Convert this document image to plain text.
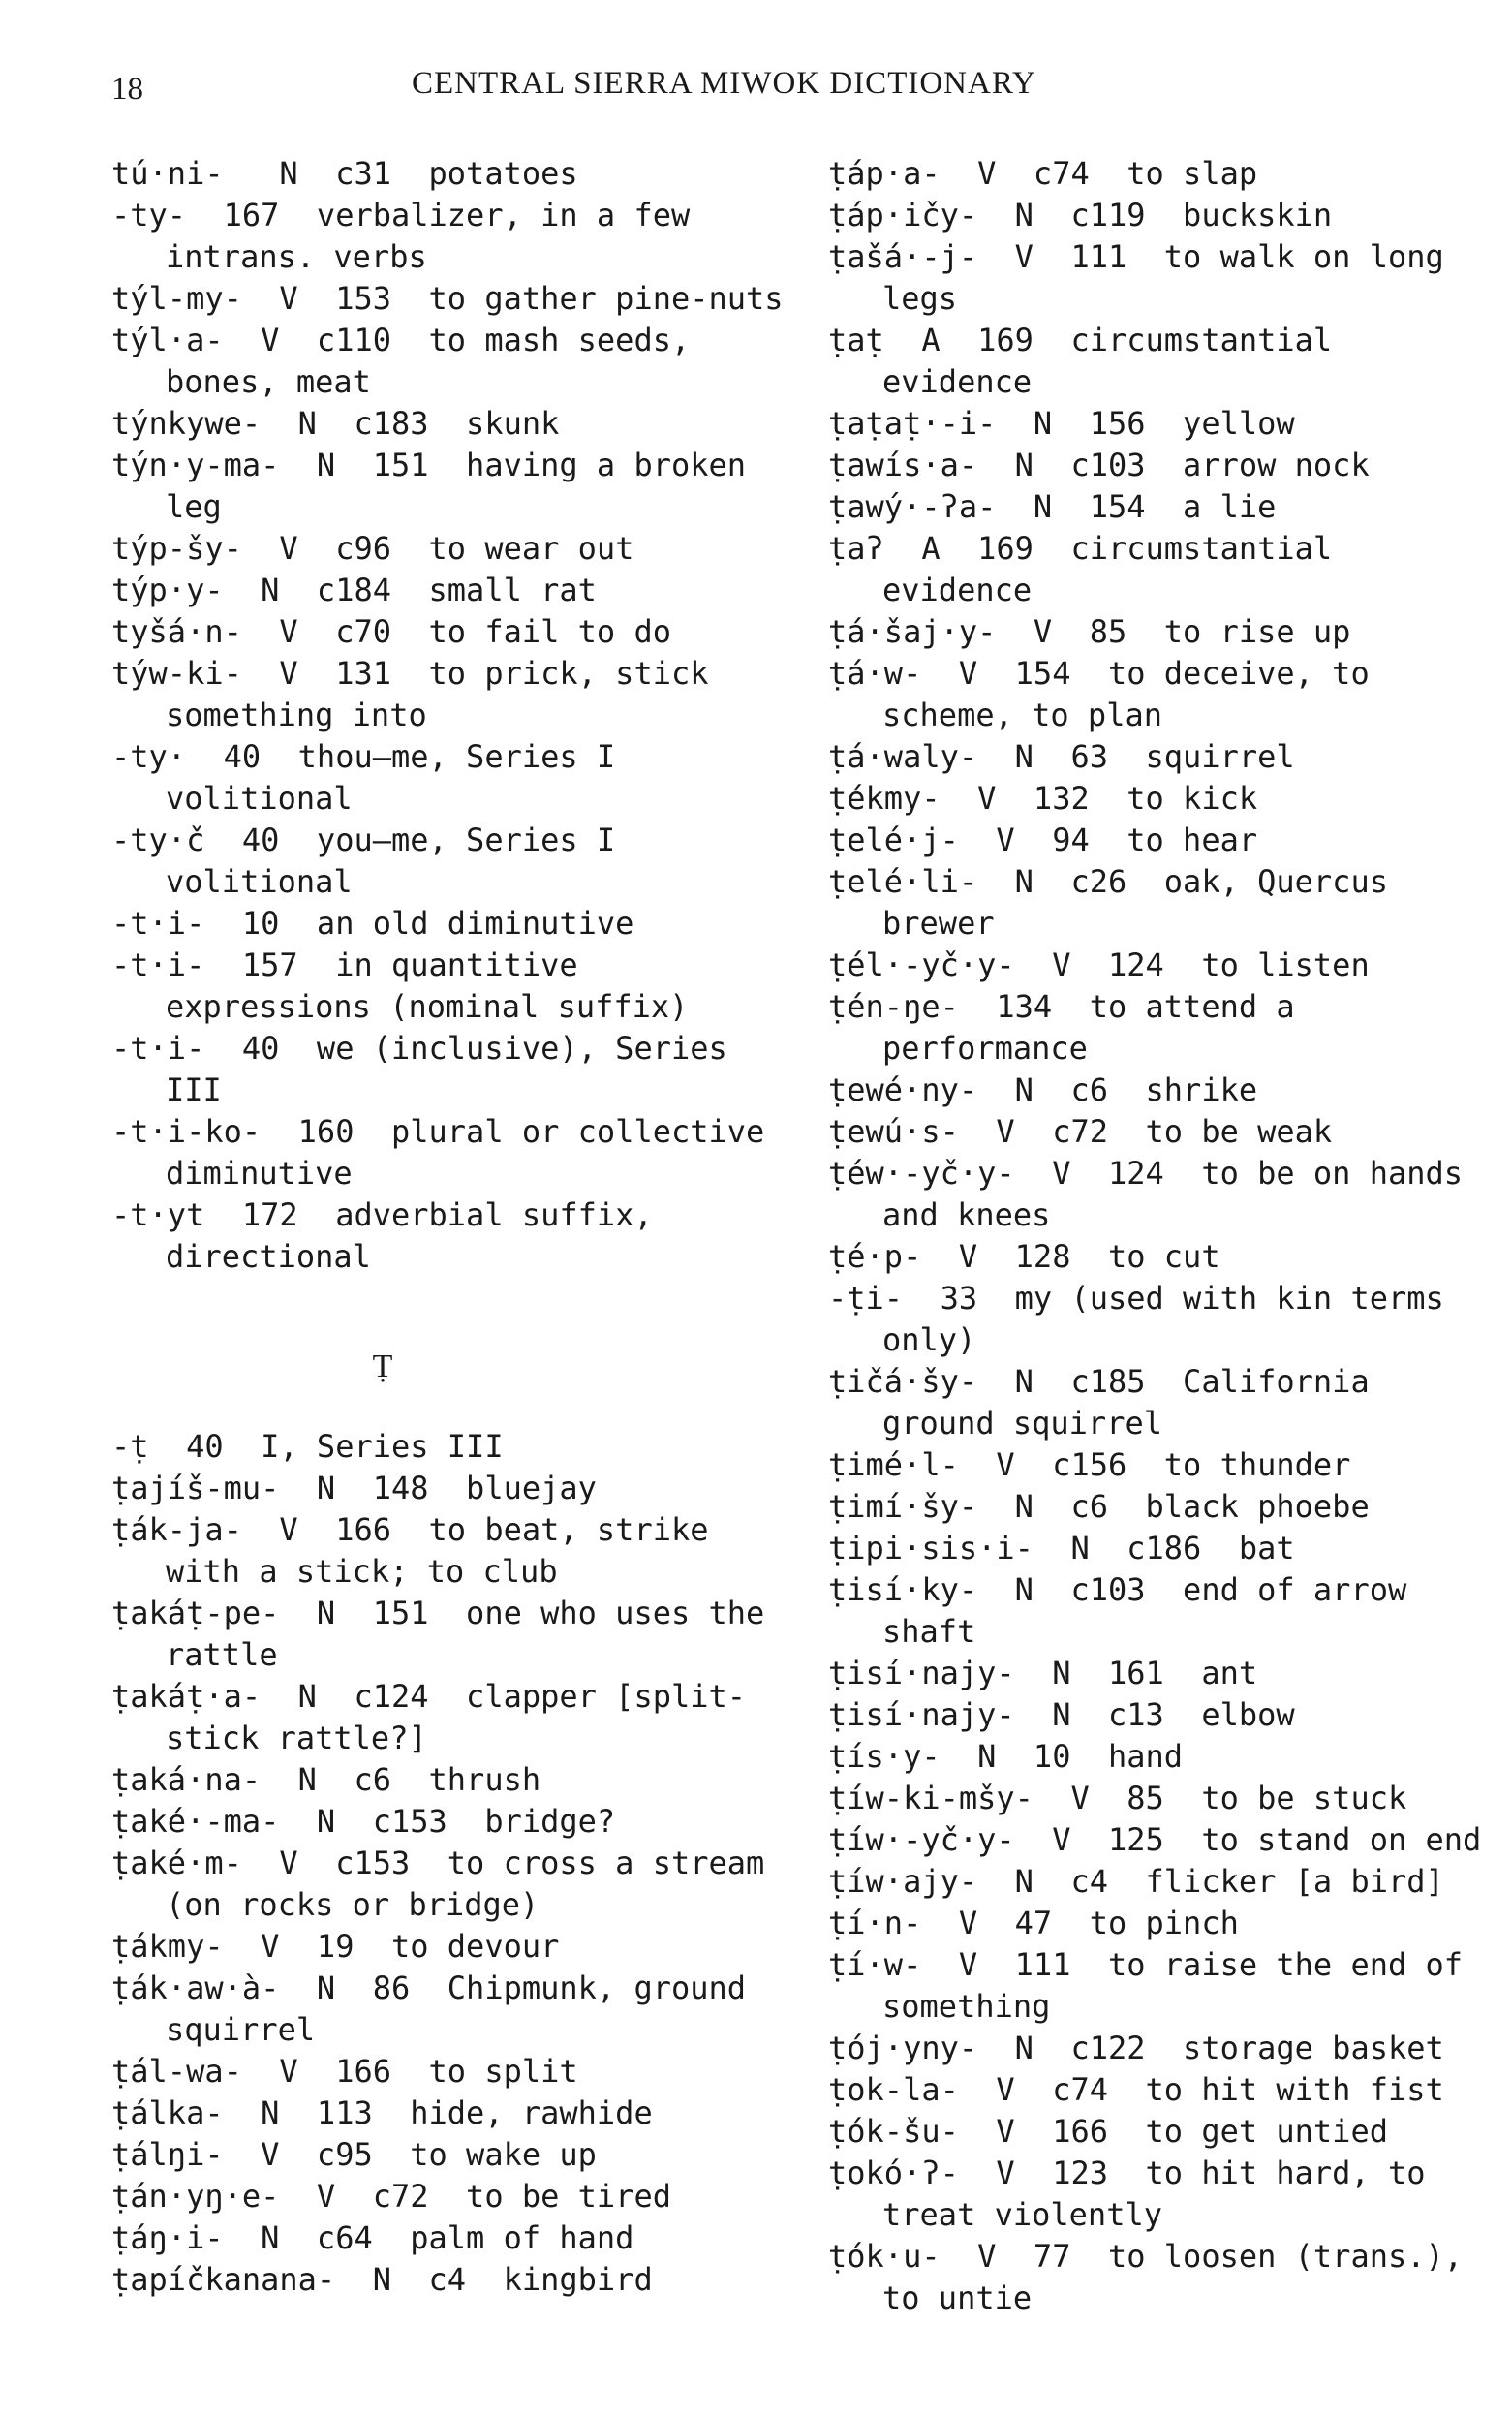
18	CENTRAL SIERRA MIWOK DICTIONARY
tú·ni-   N  c31  potatoes
-ty-  167  verbalizer, in a few intrans. verbs
týl-my-  V  153  to gather pine-nuts
týl·a-  V  c110  to mash seeds, bones, meat
týnkywe-  N  c183  skunk
týn·y-ma-  N  151  having a broken leg
týp-šy-  V  c96  to wear out
týp·y-  N  c184  small rat
tyšá·n-  V  c70  to fail to do
týw-ki-  V  131  to prick, stick something into
-ty·  40  thou—me, Series I volitional
-ty·č  40  you—me, Series I volitional
-t·i-  10  an old diminutive
-t·i-  157  in quantitive expressions (nominal suffix)
-t·i-  40  we (inclusive), Series III
-t·i-ko-  160  plural or collective diminutive
-t·yt  172  adverbial suffix, directional
Ṭ
-ṭ  40  I, Series III
ṭajíš-mu-  N  148  bluejay
ṭák-ja-  V  166  to beat, strike with a stick; to club
ṭakáṭ-pe-  N  151  one who uses the rattle
ṭakáṭ·a-  N  c124  clapper [split-stick rattle?]
ṭaká·na-  N  c6  thrush
ṭaké·-ma-  N  c153  bridge?
ṭaké·m-  V  c153  to cross a stream (on rocks or bridge)
ṭákmy-  V  19  to devour
ṭák·aw·à-  N  86  Chipmunk, ground squirrel
ṭál-wa-  V  166  to split
ṭálka-  N  113  hide, rawhide
ṭálŋi-  V  c95  to wake up
ṭán·yŋ·e-  V  c72  to be tired
ṭáŋ·i-  N  c64  palm of hand
ṭapíčkanana-  N  c4  kingbird
ṭáp·a-  V  c74  to slap
ṭáp·ičy-  N  c119  buckskin
ṭašá·-j-  V  111  to walk on long legs
ṭaṭ  A  169  circumstantial evidence
ṭaṭaṭ·-i-  N  156  yellow
ṭawís·a-  N  c103  arrow nock
ṭawý·-ʔa-  N  154  a lie
ṭaʔ  A  169  circumstantial evidence
ṭá·šaj·y-  V  85  to rise up
ṭá·w-  V  154  to deceive, to scheme, to plan
ṭá·waly-  N  63  squirrel
ṭékmy-  V  132  to kick
ṭelé·j-  V  94  to hear
ṭelé·li-  N  c26  oak, Quercus brewer
ṭél·-yč·y-  V  124  to listen
ṭén-ŋe-  134  to attend a performance
ṭewé·ny-  N  c6  shrike
ṭewú·s-  V  c72  to be weak
ṭéw·-yč·y-  V  124  to be on hands and knees
ṭé·p-  V  128  to cut
-ṭi-  33  my (used with kin terms only)
ṭičá·šy-  N  c185  California ground squirrel
ṭimé·l-  V  c156  to thunder
ṭimí·šy-  N  c6  black phoebe
ṭipi·sis·i-  N  c186  bat
ṭisí·ky-  N  c103  end of arrow shaft
ṭisí·najy-  N  161  ant
ṭisí·najy-  N  c13  elbow
ṭís·y-  N  10  hand
ṭíw-ki-mšy-  V  85  to be stuck
ṭíw·-yč·y-  V  125  to stand on end
ṭíw·ajy-  N  c4  flicker [a bird]
ṭí·n-  V  47  to pinch
ṭí·w-  V  111  to raise the end of something
ṭój·yny-  N  c122  storage basket
ṭok-la-  V  c74  to hit with fist
ṭók-šu-  V  166  to get untied
ṭokó·ʔ-  V  123  to hit hard, to treat violently
ṭók·u-  V  77  to loosen (trans.), to untie
